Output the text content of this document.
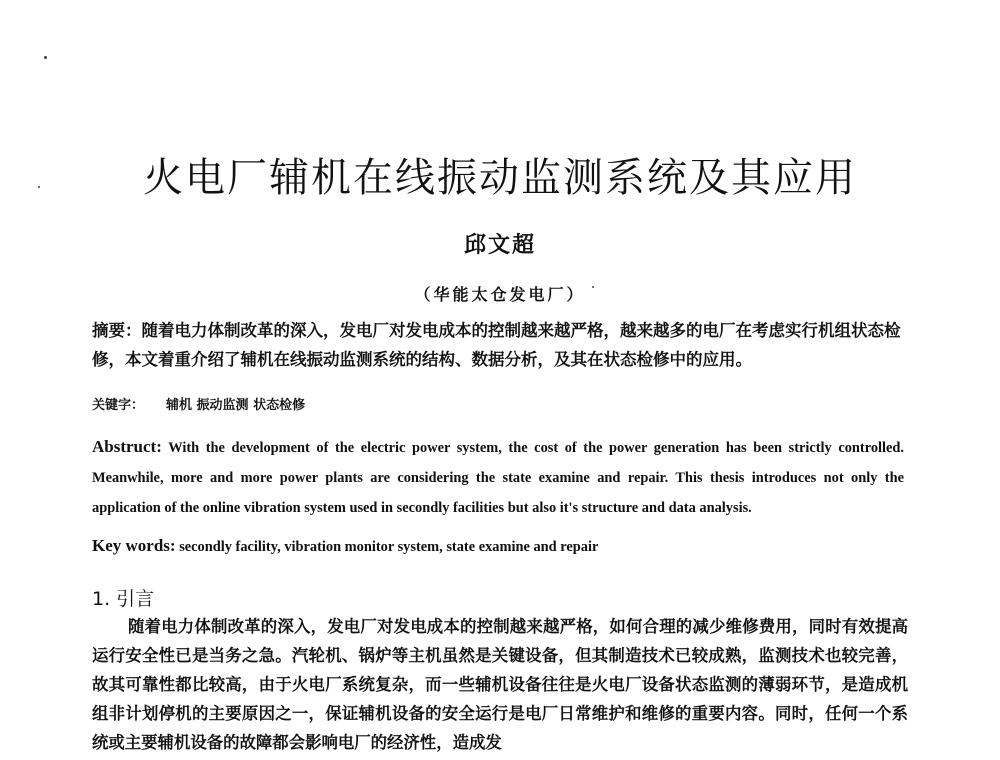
火电厂辅机在线振动监测系统及其应用
邱文超
（华能太仓发电厂）
摘要：随着电力体制改革的深入，发电厂对发电成本的控制越来越严格，越来越多的电厂在考虑实行机组状态检修，本文着重介绍了辅机在线振动监测系统的结构、数据分析，及其在状态检修中的应用。
关键字： 辅机 振动监测 状态检修
Abstruct: With the development of the electric power system, the cost of the power generation has been strictly controlled. Meanwhile, more and more power plants are considering the state examine and repair. This thesis introduces not only the application of the online vibration system used in secondly facilities but also it's structure and data analysis.
Key words: secondly facility, vibration monitor system, state examine and repair
1. 引言

随着电力体制改革的深入，发电厂对发电成本的控制越来越严格，如何合理的减少维修费用，同时有效提高运行安全性已是当务之急。汽轮机、锅炉等主机虽然是关键设备，但其制造技术已较成熟，监测技术也较完善，故其可靠性都比较高，由于火电厂系统复杂，而一些辅机设备往往是火电厂设备状态监测的薄弱环节，是造成机组非计划停机的主要原因之一，保证辅机设备的安全运行是电厂日常维护和维修的重要内容。同时，任何一个系统或主要辅机设备的故障都会影响电厂的经济性，造成发
